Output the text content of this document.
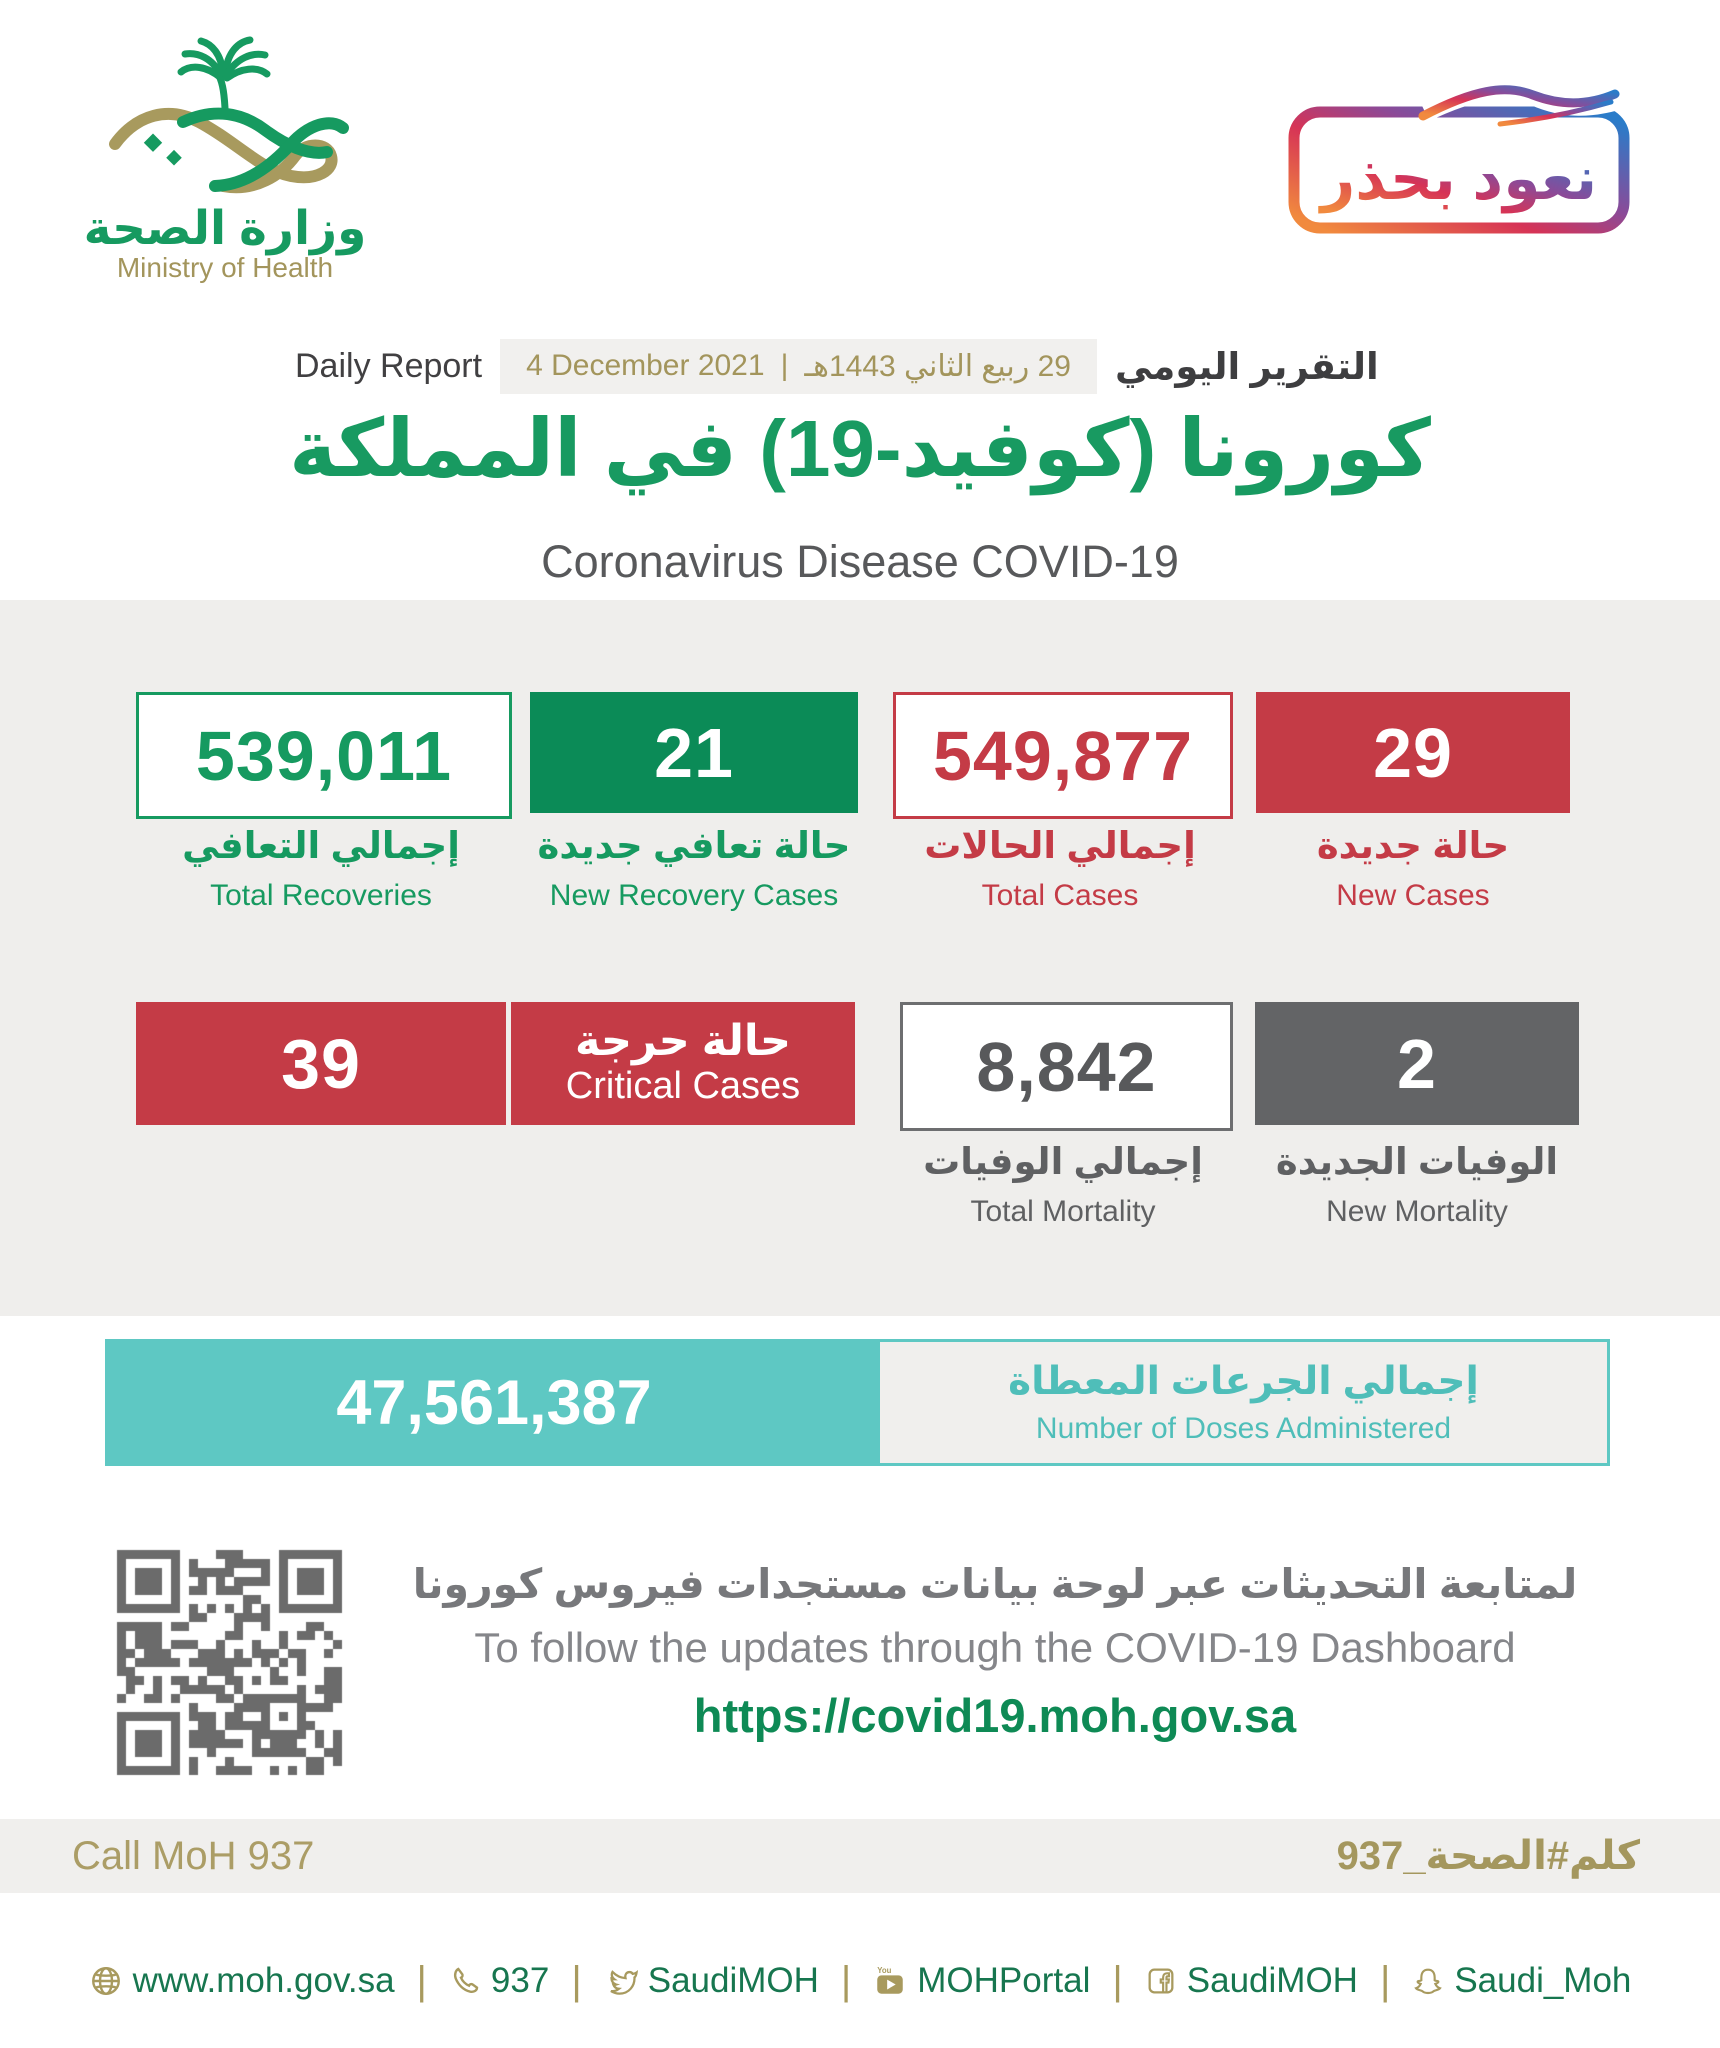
وزارة الصحة
Ministry of Health
نعود بحذر
Daily Report 4 December 2021 | 29 ربيع الثاني 1443هـ التقرير اليومي
كورونا (كوفيد-19) في المملكة
Coronavirus Disease COVID-19
539,011	21	549,877	29
إجمالي التعافي
Total Recoveries
حالة تعافي جديدة
New Recovery Cases
إجمالي الحالات
Total Cases
حالة جديدة
New Cases
39	حالة حرجة
Critical Cases	8,842	2
إجمالي الوفيات
Total Mortality
الوفيات الجديدة
New Mortality
47,561,387	إجمالي الجرعات المعطاة
Number of Doses Administered
لمتابعة التحديثات عبر لوحة بيانات مستجدات فيروس كورونا
To follow the updates through the COVID-19 Dashboard
https://covid19.moh.gov.sa
Call MoH 937	كلم#الصحة_937
www.moh.gov.sa | 937 | SaudiMOH |	You MOHPortal | SaudiMOH | Saudi_Moh
